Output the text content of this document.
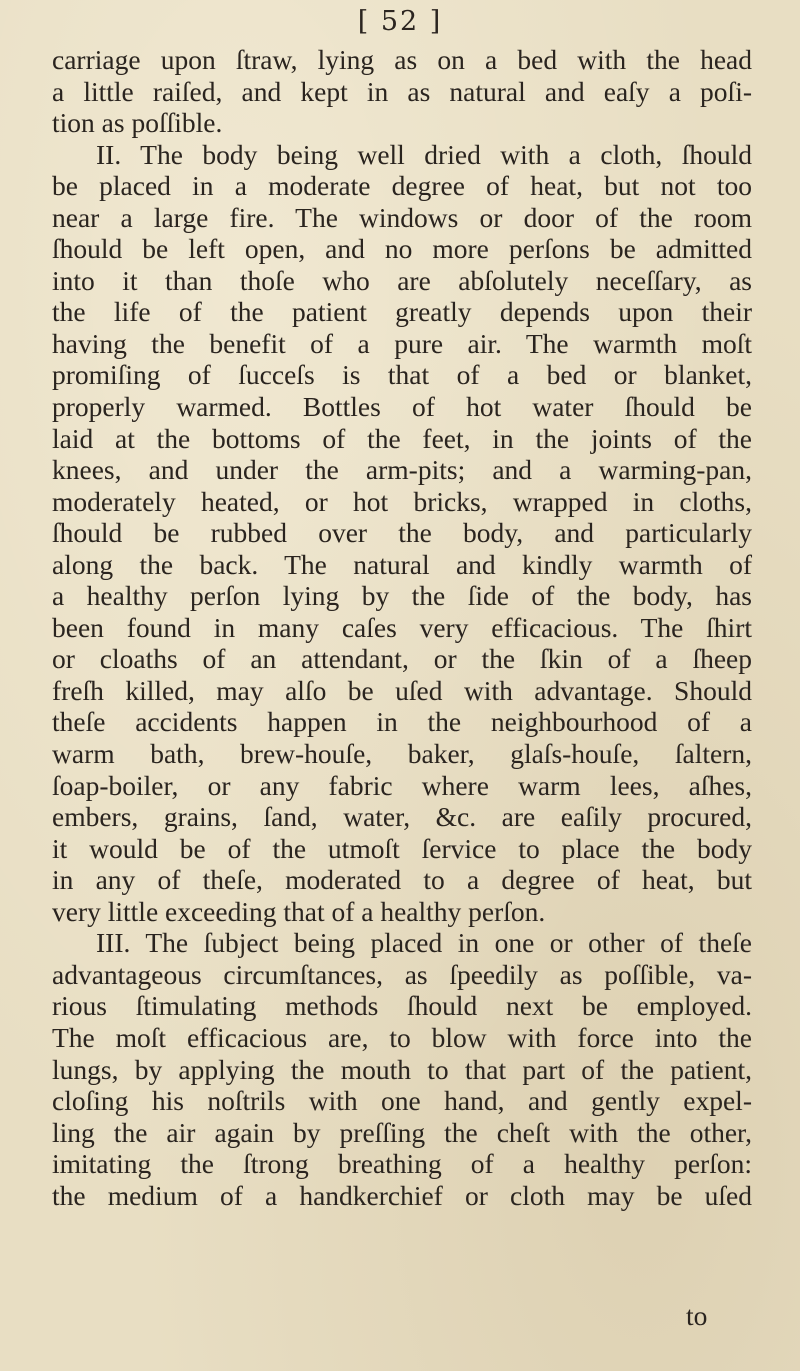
[ 52 ]
carriage upon ſtraw, lying as on a bed with the head
a little raiſed, and kept in as natural and eaſy a poſi-
tion as poſſible.
II. The body being well dried with a cloth, ſhould
be placed in a moderate degree of heat, but not too
near a large fire. The windows or door of the room
ſhould be left open, and no more perſons be admitted
into it than thoſe who are abſolutely neceſſary, as
the life of the patient greatly depends upon their
having the benefit of a pure air. The warmth moſt
promiſing of ſucceſs is that of a bed or blanket,
properly warmed. Bottles of hot water ſhould be
laid at the bottoms of the feet, in the joints of the
knees, and under the arm-pits; and a warming-pan,
moderately heated, or hot bricks, wrapped in cloths,
ſhould be rubbed over the body, and particularly
along the back. The natural and kindly warmth of
a healthy perſon lying by the ſide of the body, has
been found in many caſes very efficacious. The ſhirt
or cloaths of an attendant, or the ſkin of a ſheep
freſh killed, may alſo be uſed with advantage. Should
theſe accidents happen in the neighbourhood of a
warm bath, brew-houſe, baker, glaſs-houſe, ſaltern,
ſoap-boiler, or any fabric where warm lees, aſhes,
embers, grains, ſand, water, &c. are eaſily procured,
it would be of the utmoſt ſervice to place the body
in any of theſe, moderated to a degree of heat, but
very little exceeding that of a healthy perſon.
III. The ſubject being placed in one or other of theſe
advantageous circumſtances, as ſpeedily as poſſible, va-
rious ſtimulating methods ſhould next be employed.
The moſt efficacious are, to blow with force into the
lungs, by applying the mouth to that part of the patient,
cloſing his noſtrils with one hand, and gently expel-
ling the air again by preſſing the cheſt with the other,
imitating the ſtrong breathing of a healthy perſon:
the medium of a handkerchief or cloth may be uſed
to
